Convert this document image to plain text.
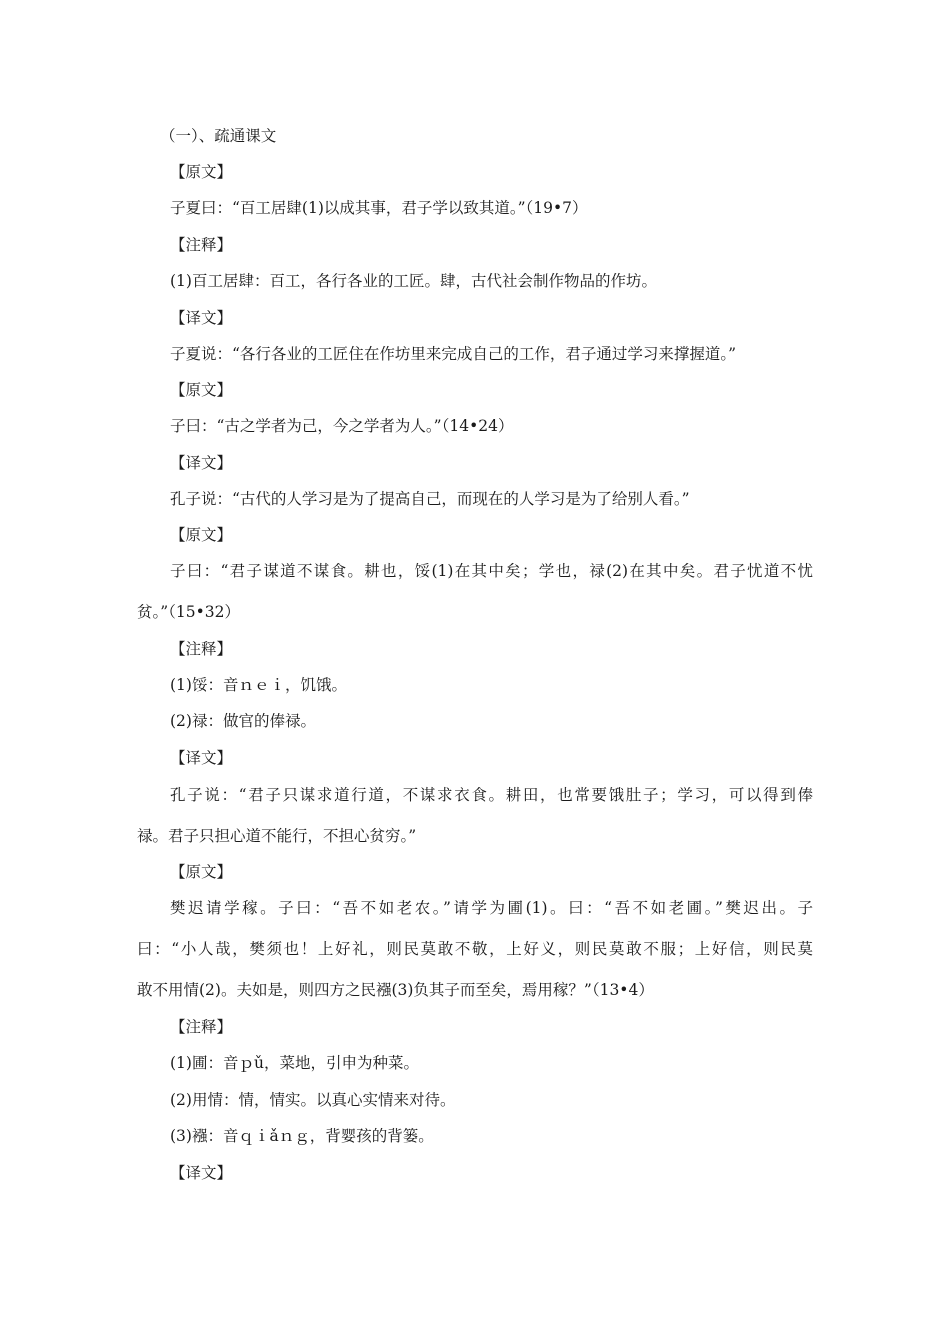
（一）、疏通课文
【原文】
子夏曰：“百工居肆(1)以成其事，君子学以致其道。”（19•7）
【注释】
(1)百工居肆：百工，各行各业的工匠。肆，古代社会制作物品的作坊。
【译文】
子夏说：“各行各业的工匠住在作坊里来完成自己的工作，君子通过学习来撑握道。”
【原文】
子曰：“古之学者为己，今之学者为人。”（14•24）
【译文】
孔子说：“古代的人学习是为了提高自己，而现在的人学习是为了给别人看。”
【原文】
子曰：“君子谋道不谋食。耕也，馁(1)在其中矣；学也，禄(2)在其中矣。君子忧道不忧
贫。”（15•32）
【注释】
(1)馁：音ｎｅｉ，饥饿。
(2)禄：做官的俸禄。
【译文】
孔子说：“君子只谋求道行道，不谋求衣食。耕田，也常要饿肚子；学习，可以得到俸
禄。君子只担心道不能行，不担心贫穷。”
【原文】
樊迟请学稼。子曰：“吾不如老农。”请学为圃(1)。曰：“吾不如老圃。”樊迟出。子
曰：“小人哉，樊须也！上好礼，则民莫敢不敬，上好义，则民莫敢不服；上好信，则民莫
敢不用情(2)。夫如是，则四方之民襁(3)负其子而至矣，焉用稼？”（13•4）
【注释】
(1)圃：音ｐǔ，菜地，引申为种菜。
(2)用情：情，情实。以真心实情来对待。
(3)襁：音ｑｉǎｎｇ，背婴孩的背篓。
【译文】
